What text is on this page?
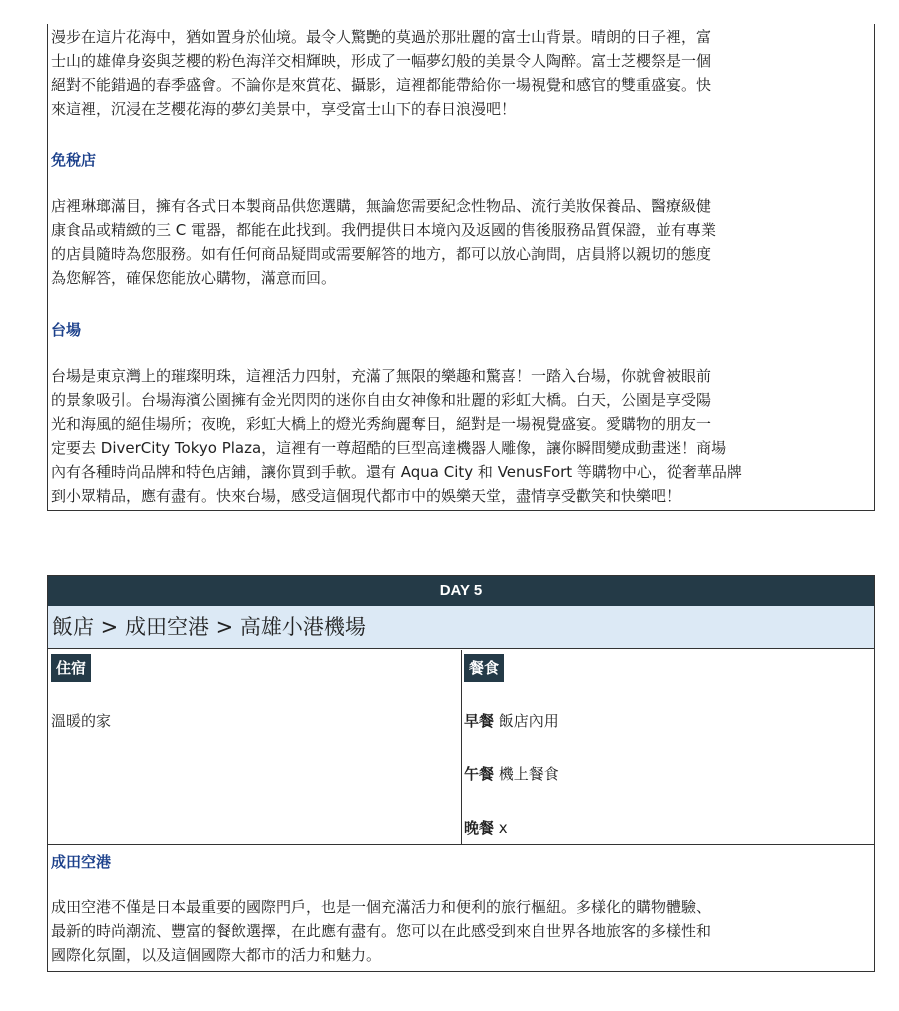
漫步在這片花海中，猶如置身於仙境。最令人驚艷的莫過於那壯麗的富士山背景。晴朗的日子裡，富
士山的雄偉身姿與芝櫻的粉色海洋交相輝映，形成了一幅夢幻般的美景令人陶醉。富士芝櫻祭是一個
絕對不能錯過的春季盛會。不論你是來賞花、攝影，這裡都能帶給你一場視覺和感官的雙重盛宴。快
來這裡，沉浸在芝櫻花海的夢幻美景中，享受富士山下的春日浪漫吧！

免稅店

店裡琳瑯滿目，擁有各式日本製商品供您選購，無論您需要紀念性物品、流行美妝保養品、醫療級健
康食品或精緻的三 C 電器，都能在此找到。我們提供日本境內及返國的售後服務品質保證，並有專業
的店員隨時為您服務。如有任何商品疑問或需要解答的地方，都可以放心詢問，店員將以親切的態度
為您解答，確保您能放心購物，滿意而回。

台場

台場是東京灣上的璀璨明珠，這裡活力四射，充滿了無限的樂趣和驚喜！一踏入台場，你就會被眼前
的景象吸引。台場海濱公園擁有金光閃閃的迷你自由女神像和壯麗的彩虹大橋。白天，公園是享受陽
光和海風的絕佳場所；夜晚，彩虹大橋上的燈光秀絢麗奪目，絕對是一場視覺盛宴。愛購物的朋友一
定要去 DiverCity Tokyo Plaza，這裡有一尊超酷的巨型高達機器人雕像，讓你瞬間變成動畫迷！商場
內有各種時尚品牌和特色店鋪，讓你買到手軟。還有 Aqua City 和 VenusFort 等購物中心，從奢華品牌
到小眾精品，應有盡有。快來台場，感受這個現代都市中的娛樂天堂，盡情享受歡笑和快樂吧！

DAY 5
飯店 > 成田空港 > 高雄小港機場
住宿
溫暖的家
餐食
早餐 飯店內用
午餐 機上餐食
晚餐 x
成田空港

成田空港不僅是日本最重要的國際門戶，也是一個充滿活力和便利的旅行樞紐。多樣化的購物體驗、
最新的時尚潮流、豐富的餐飲選擇，在此應有盡有。您可以在此感受到來自世界各地旅客的多樣性和
國際化氛圍，以及這個國際大都市的活力和魅力。
